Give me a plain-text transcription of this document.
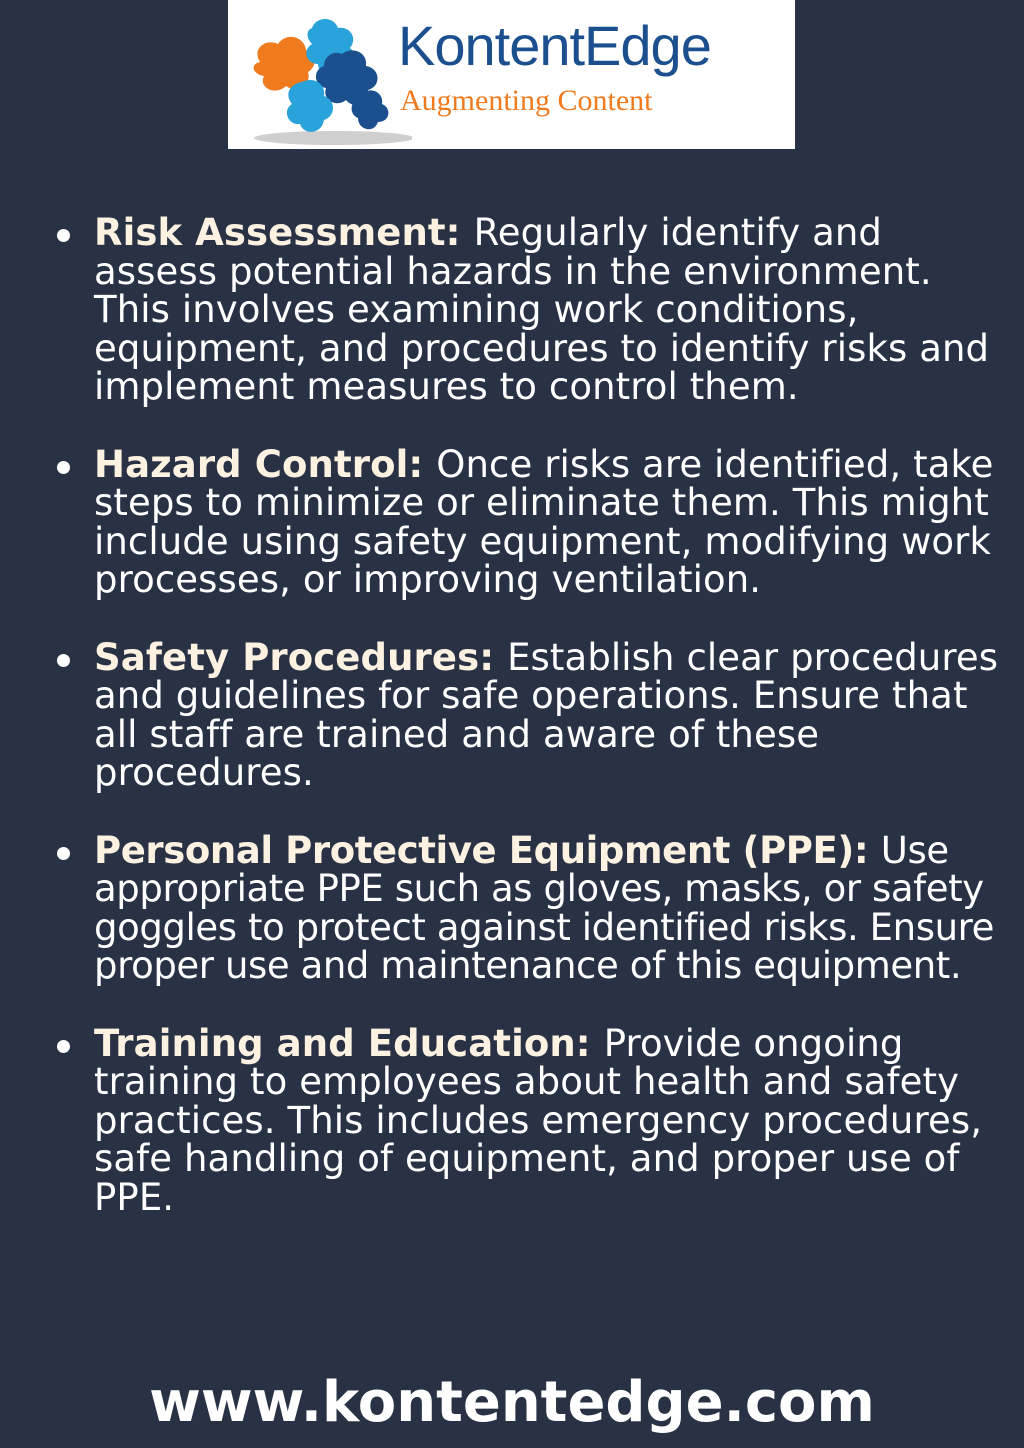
KontentEdge
Augmenting Content
Risk Assessment: Regularly identify and assess potential hazards in the environment. This involves examining work conditions, equipment, and procedures to identify risks and implement measures to control them.
Hazard Control: Once risks are identified, take steps to minimize or eliminate them. This might include using safety equipment, modifying work processes, or improving ventilation.
Safety Procedures: Establish clear procedures and guidelines for safe operations. Ensure that all staff are trained and aware of these procedures.
Personal Protective Equipment (PPE): Use appropriate PPE such as gloves, masks, or safety goggles to protect against identified risks. Ensure proper use and maintenance of this equipment.
Training and Education: Provide ongoing training to employees about health and safety practices. This includes emergency procedures, safe handling of equipment, and proper use of PPE.
www.kontentedge.com
